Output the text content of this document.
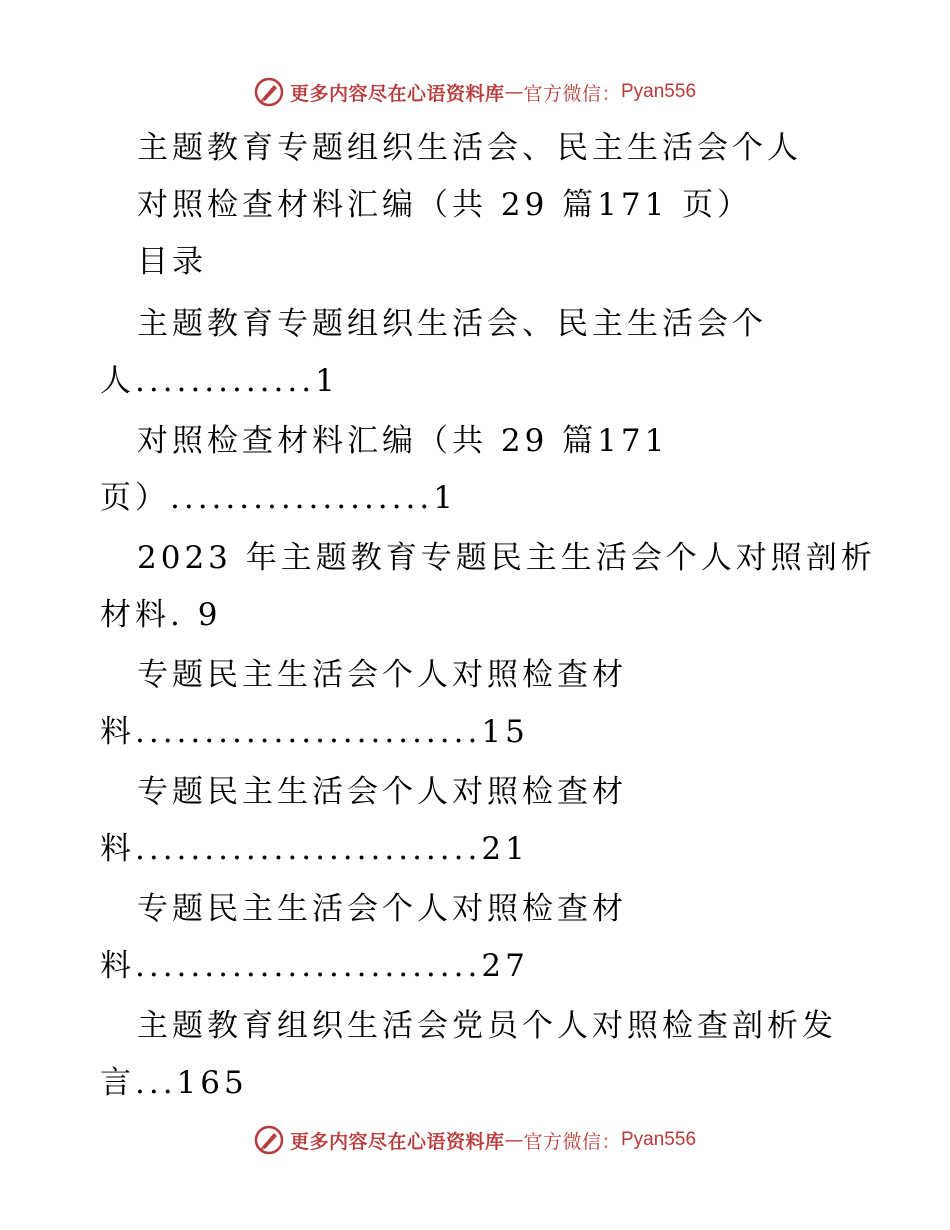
更多内容尽在心语资料库 — 官方微信： Pyan556
主题教育专题组织生活会、民主生活会个人
对照检查材料汇编（共 29 篇171 页）
目录
主题教育专题组织生活会、民主生活会个
人.............1
对照检查材料汇编（共 29 篇171
页）...................1
2023 年主题教育专题民主生活会个人对照剖析
材料. 9
专题民主生活会个人对照检查材
料.........................15
专题民主生活会个人对照检查材
料.........................21
专题民主生活会个人对照检查材
料.........................27
主题教育组织生活会党员个人对照检查剖析发
言...165
更多内容尽在心语资料库 — 官方微信： Pyan556
